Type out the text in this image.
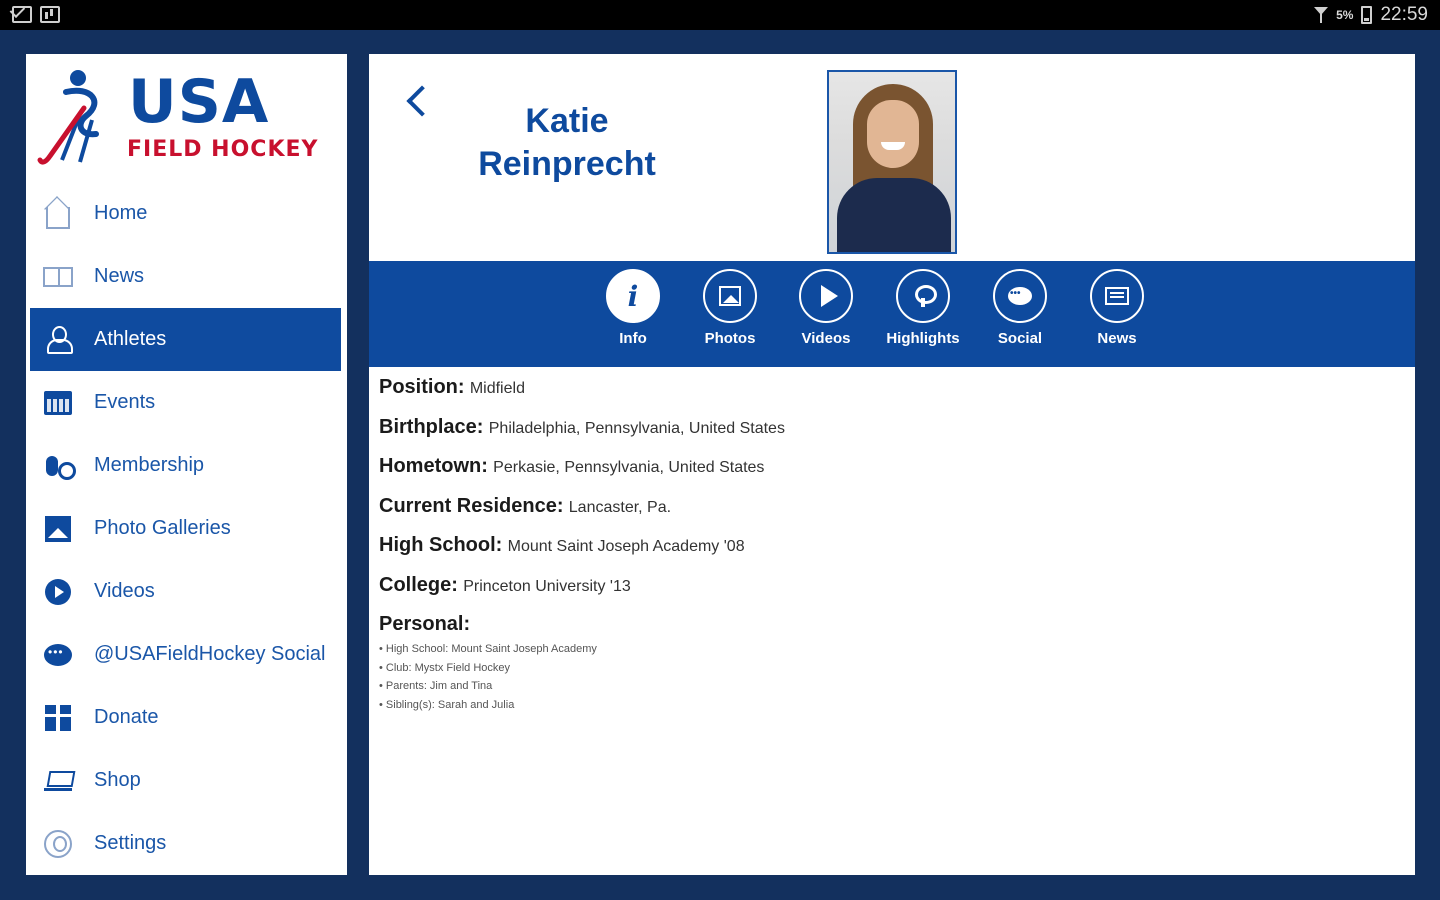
5% 22:59
USA
FIELD HOCKEY
Home
News
Athletes
Events
Membership
Photo Galleries
Videos
•••
@USAFieldHockey Social
Donate
Shop
Settings
Katie
Reinprecht
i
Info	Photos	Videos	Highlights
•••	Social	News
Position: Midfield
Birthplace: Philadelphia, Pennsylvania, United States
Hometown: Perkasie, Pennsylvania, United States
Current Residence: Lancaster, Pa.
High School: Mount Saint Joseph Academy '08
College: Princeton University '13
Personal:
• High School: Mount Saint Joseph Academy
• Club: Mystx Field Hockey
• Parents: Jim and Tina
• Sibling(s): Sarah and Julia
